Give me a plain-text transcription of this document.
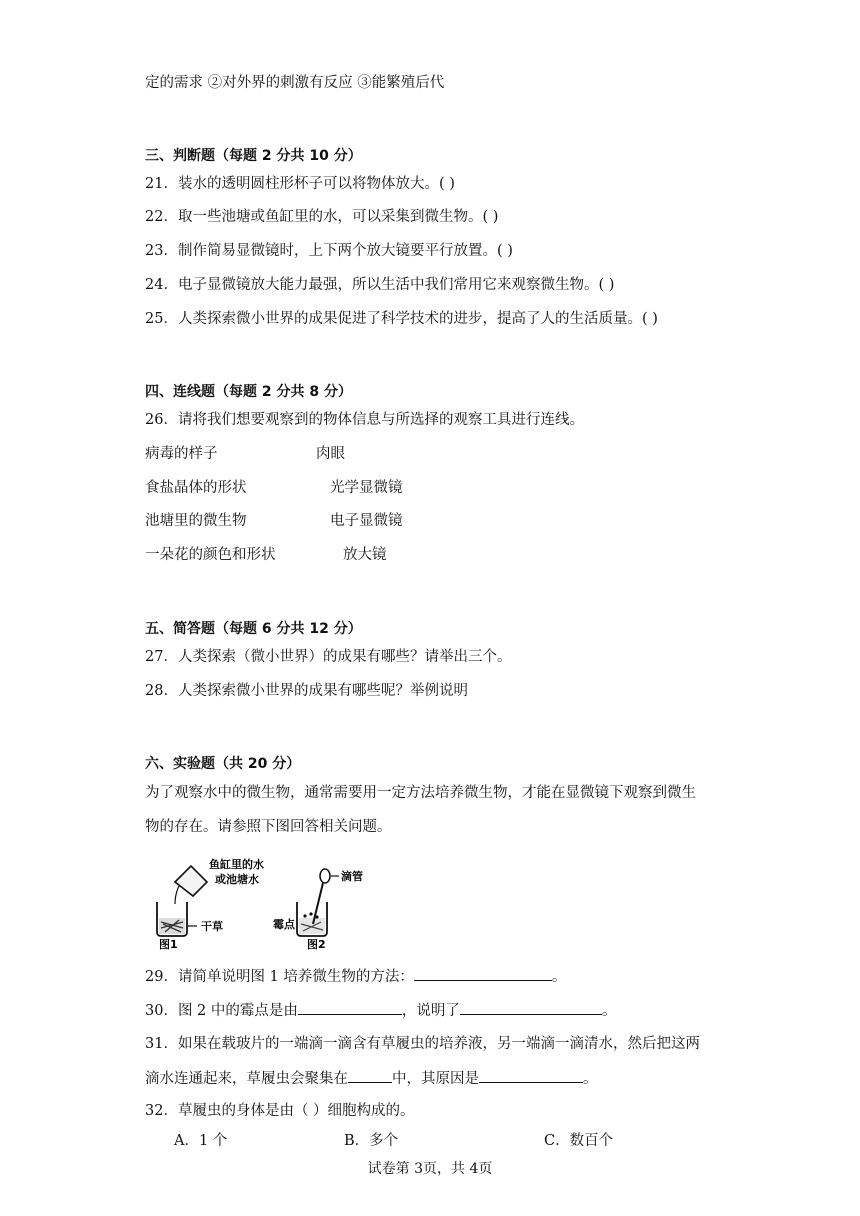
定的需求 ②对外界的刺激有反应 ③能繁殖后代
三、判断题（每题 2 分共 10 分）
21．装水的透明圆柱形杯子可以将物体放大。( )
22．取一些池塘或鱼缸里的水，可以采集到微生物。( )
23．制作简易显微镜时，上下两个放大镜要平行放置。( )
24．电子显微镜放大能力最强，所以生活中我们常用它来观察微生物。( )
25．人类探索微小世界的成果促进了科学技术的进步，提高了人的生活质量。( )
四、连线题（每题 2 分共 8 分）
26．请将我们想要观察到的物体信息与所选择的观察工具进行连线。
病毒的样子	肉眼
食盐晶体的形状	光学显微镜
池塘里的微生物	电子显微镜
一朵花的颜色和形状	放大镜
五、简答题（每题 6 分共 12 分）
27．人类探索（微小世界）的成果有哪些？请举出三个。
28．人类探索微小世界的成果有哪些呢？举例说明
六、实验题（共 20 分）
为了观察水中的微生物，通常需要用一定方法培养微生物，才能在显微镜下观察到微生
物的存在。请参照下图回答相关问题。
鱼缸里的水
或池塘水
干草
图1
滴管
霉点
图2
29．请简单说明图 1 培养微生物的方法：	。
30．图 2 中的霉点是由	，说明了	。
31．如果在载玻片的一端滴一滴含有草履虫的培养液，另一端滴一滴清水，然后把这两
滴水连通起来，草履虫会聚集在	中，其原因是	。
32．草履虫的身体是由（ ）细胞构成的。
A．1 个	B．多个	C．数百个
试卷第 3页，共 4页
